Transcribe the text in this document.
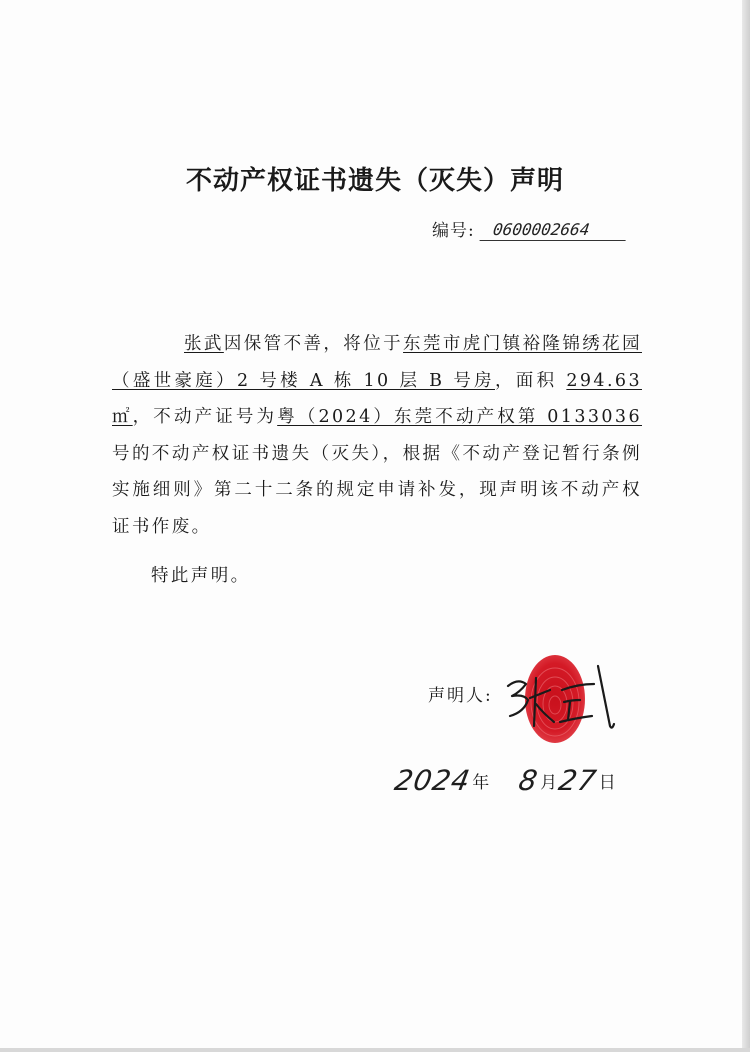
不动产权证书遗失（灭失）声明
编号:	0600002664
张武因保管不善，将位于东莞市虎门镇裕隆锦绣花园（盛世豪庭）2 号楼 A 栋 10 层 B 号房，面积 294.63 ㎡，不动产证号为粤（2024）东莞不动产权第 0133036 号的不动产权证书遗失（灭失），根据《不动产登记暂行条例实施细则》第二十二条的规定申请补发，现声明该不动产权证书作废。
特此声明。
声明人:
2024 年 8 月 27 日
